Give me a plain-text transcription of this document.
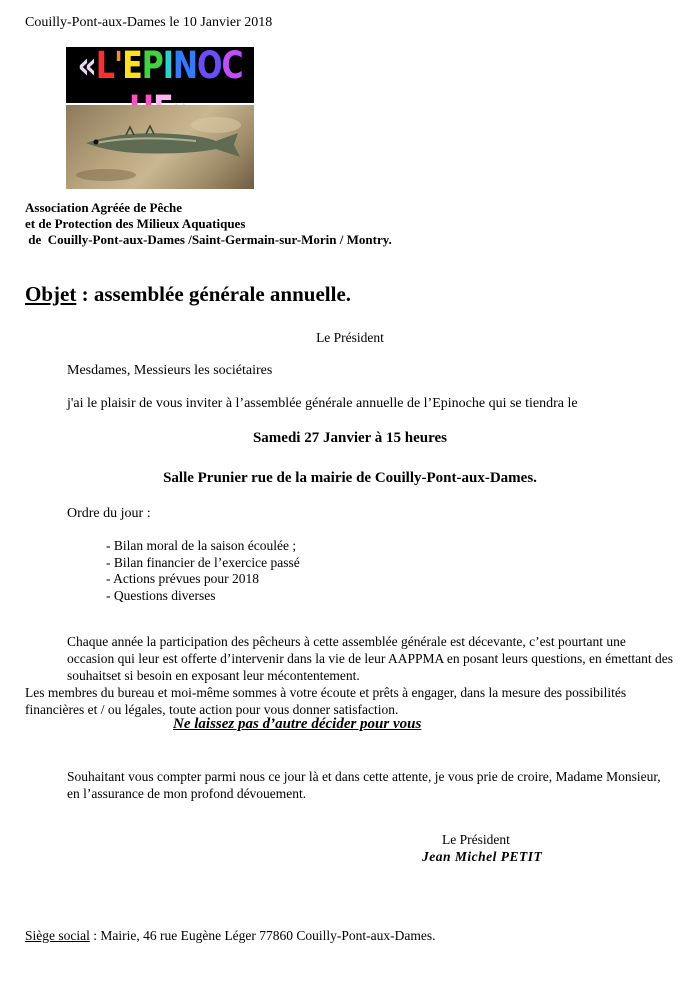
Couilly-Pont-aux-Dames le 10 Janvier 2018
«L'EPINOC
Association Agréée de Pêche
et de Protection des Milieux Aquatiques
de  Couilly-Pont-aux-Dames /Saint-Germain-sur-Morin / Montry.
Objet : assemblée générale annuelle.
Le Président
Mesdames, Messieurs les sociétaires
j'ai le plaisir de vous inviter à l’assemblée générale annuelle de l’Epinoche qui se tiendra le
Samedi 27 Janvier à 15 heures
Salle Prunier rue de la mairie de Couilly-Pont-aux-Dames.
Ordre du jour :
- Bilan moral de la saison écoulée ;
- Bilan financier de l’exercice passé
- Actions prévues pour 2018
- Questions diverses
Chaque année la participation des pêcheurs à cette assemblée générale est décevante, c’est pourtant une occasion qui leur est offerte d’intervenir dans la vie de leur AAPPMA en posant leurs questions, en émettant des souhaitset si besoin en exposant leur mécontentement.
Les membres du bureau et moi-même sommes à votre écoute et prêts à engager, dans la mesure des possibilités financières et / ou légales, toute action pour vous donner satisfaction.
Ne laissez pas d’autre décider pour vous
Souhaitant vous compter parmi nous ce jour là et dans cette attente, je vous prie de croire, Madame Monsieur, en l’assurance de mon profond dévouement.
Le Président
Jean Michel PETIT
Siège social : Mairie, 46 rue Eugène Léger 77860 Couilly-Pont-aux-Dames.
